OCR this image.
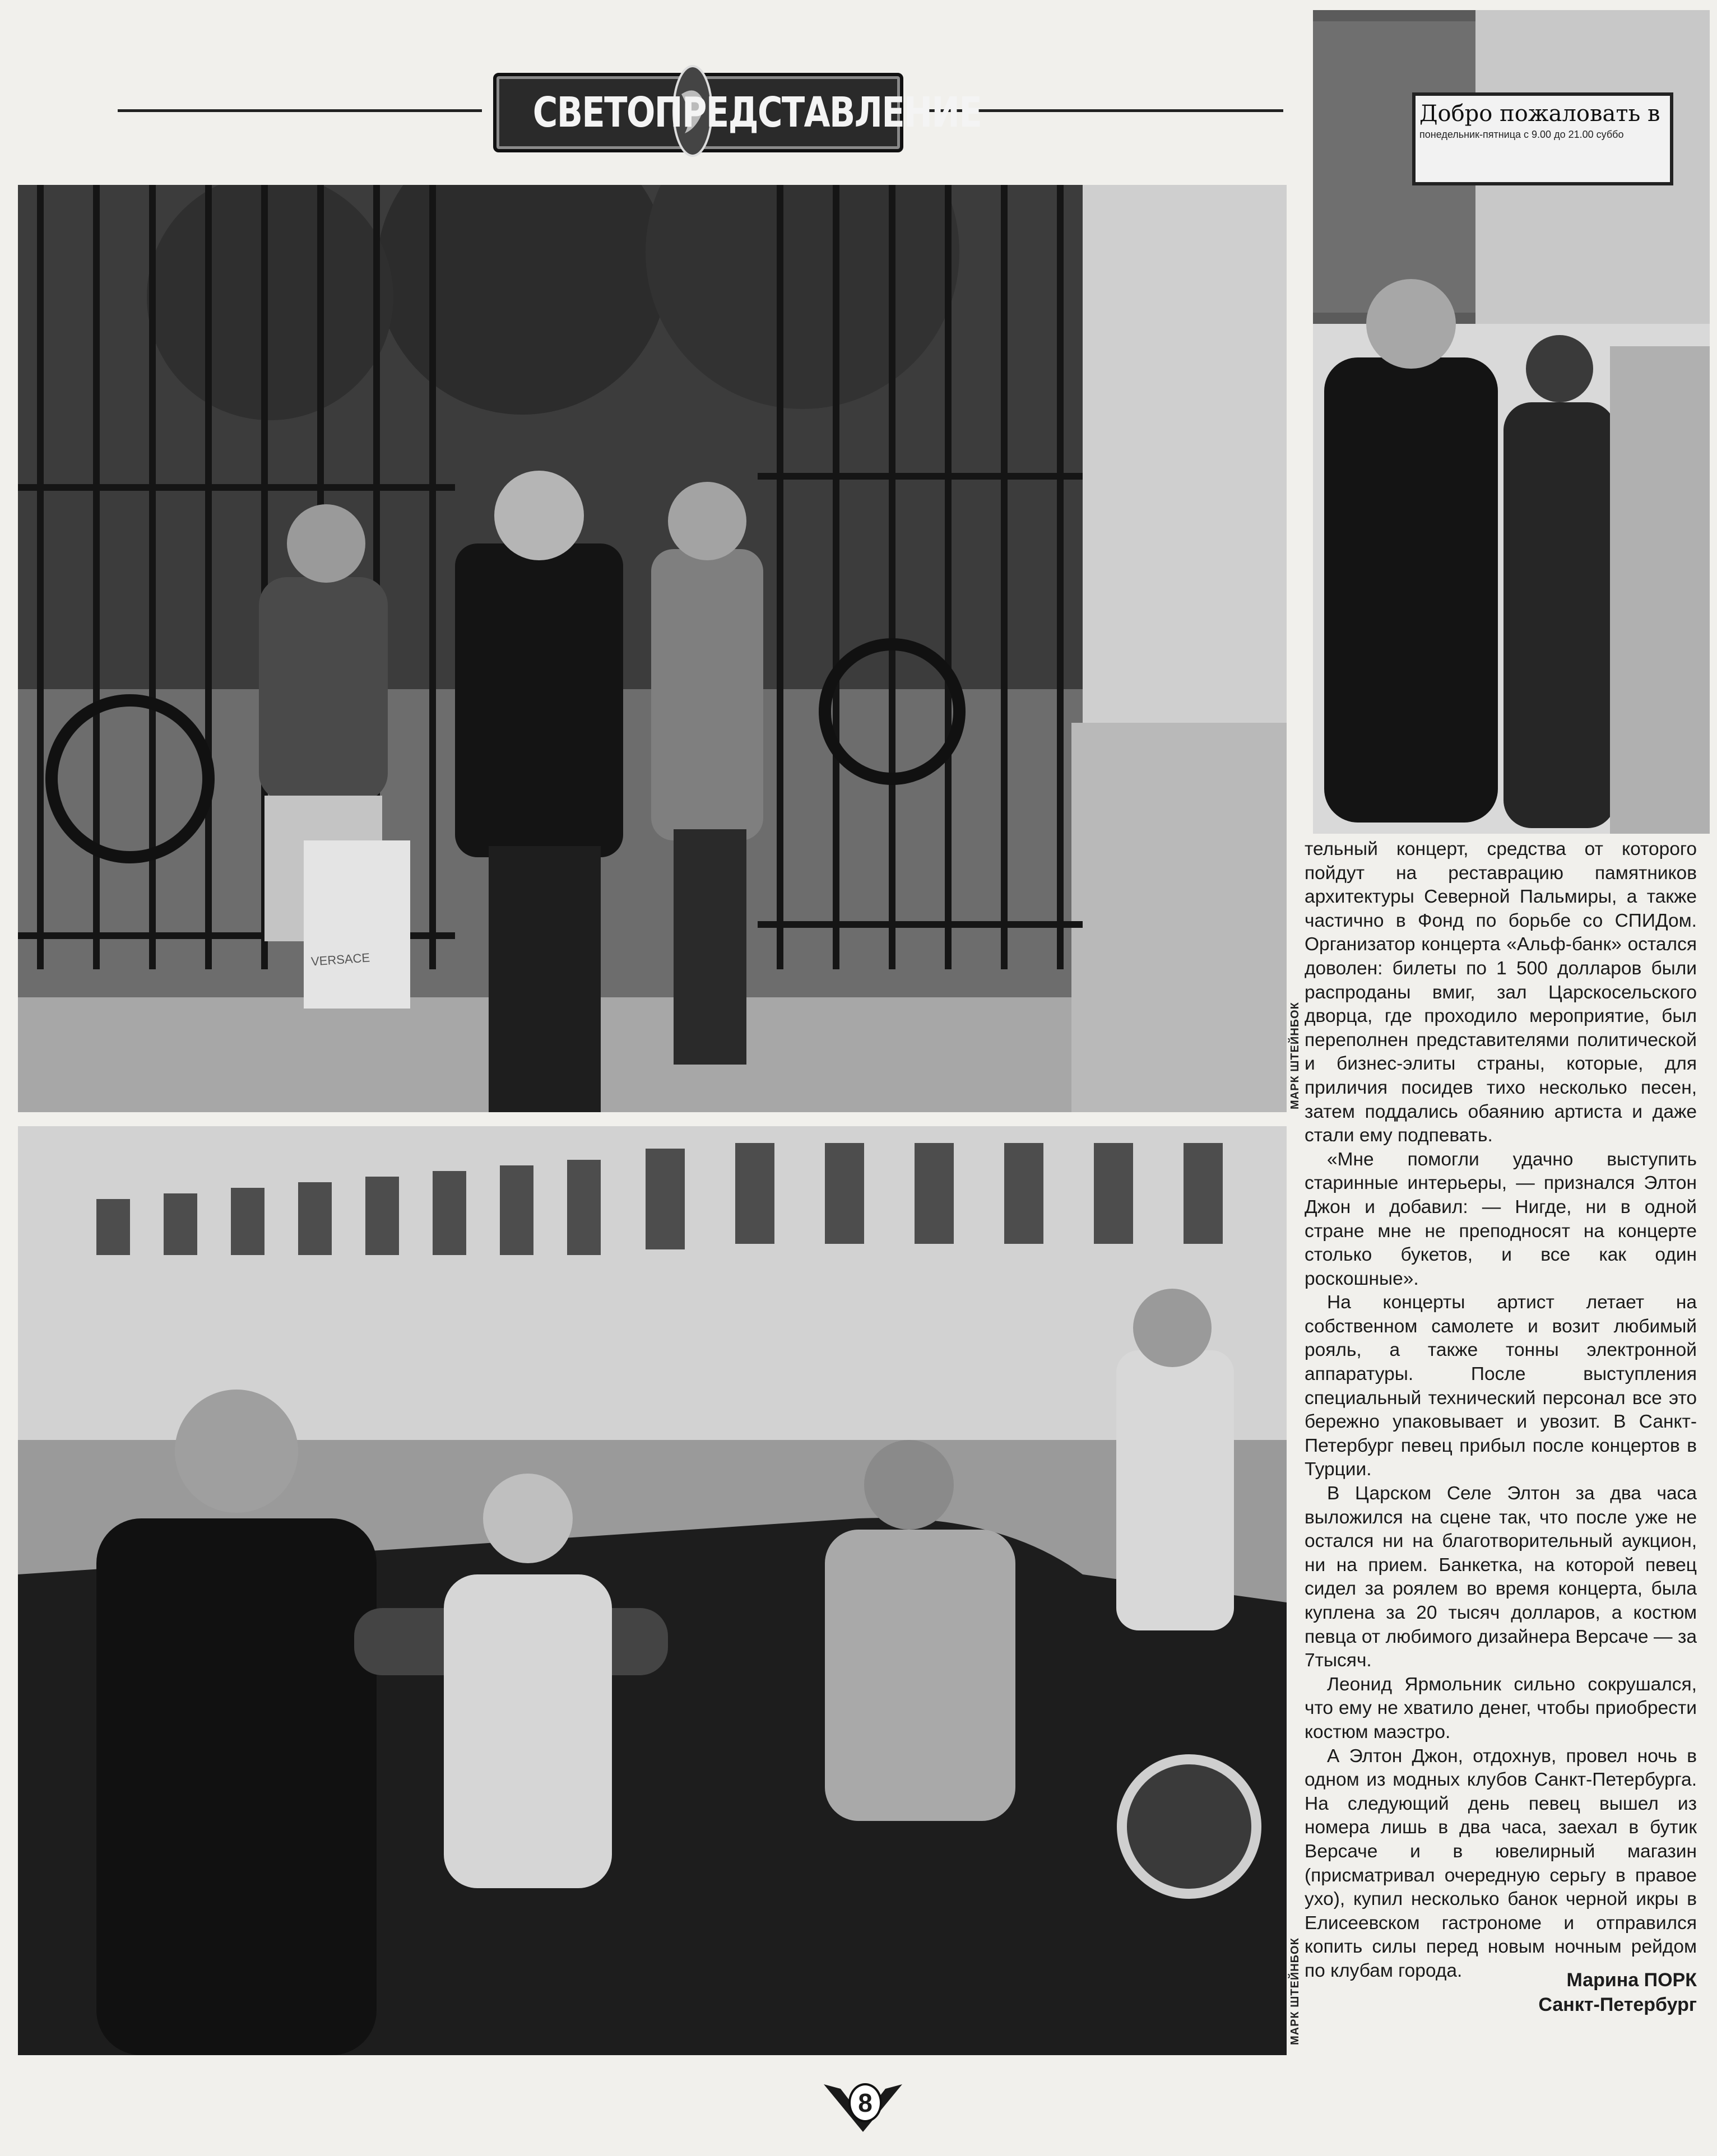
СВЕТОПРЕДСТАВЛЕНИЕ
МАРК ШТЕЙНБОК
Добро пожаловать в
понедельник-пятница с 9.00 до 21.00 суббо
МАРК ШТЕЙНБОК

тельный концерт, средства от которого пойдут на реставрацию памятников архитектуры Северной Пальмиры, а также частично в Фонд по борьбе со СПИДом. Организатор концерта «Альф-банк» остался доволен: билеты по 1 500 долларов были распроданы вмиг, зал Царскосельского дворца, где проходило мероприятие, был переполнен представителями политической и бизнес-элиты страны, которые, для приличия посидев тихо несколько песен, затем поддались обаянию артиста и даже стали ему подпевать.

«Мне помогли удачно выступить старинные интерьеры, — признался Элтон Джон и добавил: — Нигде, ни в одной стране мне не преподносят на концерте столько букетов, и все как один роскошные».

На концерты артист летает на собственном самолете и возит любимый рояль, а также тонны электронной аппаратуры. После выступления специальный технический персонал все это бережно упаковывает и увозит. В Санкт-Петербург певец прибыл после концертов в Турции.

В Царском Селе Элтон за два часа выложился на сцене так, что после уже не остался ни на благотворительный аукцион, ни на прием. Банкетка, на которой певец сидел за роялем во время концерта, была куплена за 20 тысяч долларов, а костюм певца от любимого дизайнера Версаче — за 7тысяч.

Леонид Ярмольник сильно сокрушался, что ему не хватило денег, чтобы приобрести костюм маэстро.

А Элтон Джон, отдохнув, провел ночь в одном из модных клубов Санкт-Петербурга. На следующий день певец вышел из номера лишь в два часа, заехал в бутик Версаче и в ювелирный магазин (присматривал очередную серьгу в правое ухо), купил несколько банок черной икры в Елисеевском гастрономе и отправился копить силы перед новым ночным рейдом по клубам города.	Марина ПОРК
Санкт-Петербург
8
VERSACE
